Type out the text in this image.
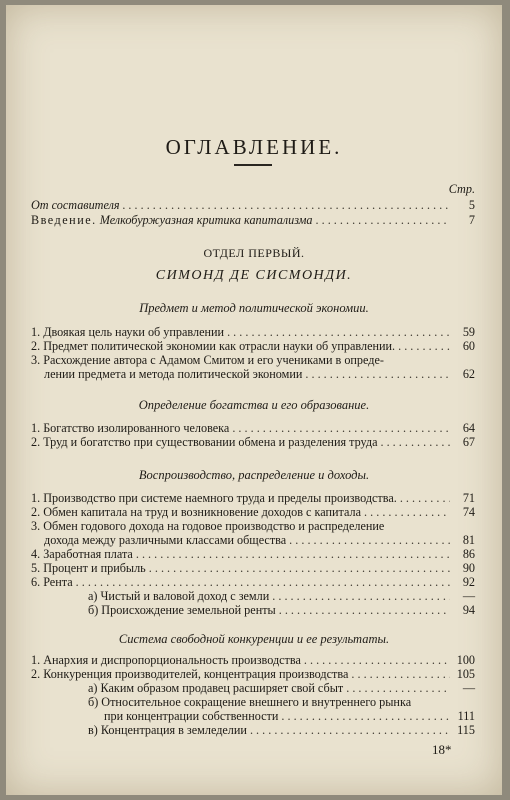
ОГЛАВЛЕНИЕ.
Стр.
От составителя . . .	5
Введение. Мелкобуржуазная критика капитализма . . .	7
ОТДЕЛ ПЕРВЫЙ.
СИМОНД ДЕ СИСМОНДИ.
Предмет и метод политической экономии.
1. Двоякая цель науки об управлении . . .	59
2. Предмет политической экономии как отрасли науки об управлении. . . .	60
3. Расхождение автора с Адамом Смитом и его учениками в опреде-
лении предмета и метода политической экономии . . .	62
Определение богатства и его образование.
1. Богатство изолированного человека . . .	64
2. Труд и богатство при существовании обмена и разделения труда . . .	67
Воспроизводство, распределение и доходы.
1. Производство при системе наемного труда и пределы производства. . . .	71
2. Обмен капитала на труд и возникновение доходов с капитала . . .	74
3. Обмен годового дохода на годовое производство и распределение
дохода между различными классами общества . . .	81
4. Заработная плата . . .	86
5. Процент и прибыль . . .	90
6. Рента . . .	92
а) Чистый и валовой доход с земли . . .	—
б) Происхождение земельной ренты . . .	94
Система свободной конкуренции и ее результаты.
1. Анархия и диспропорциональность производства . . .	100
2. Конкуренция производителей, концентрация производства . . .	105
а) Каким образом продавец расширяет свой сбыт . . .	—
б) Относительное сокращение внешнего и внутреннего рынка
при концентрации собственности . . .	111
в) Концентрация в земледелии . . .	115
18*
